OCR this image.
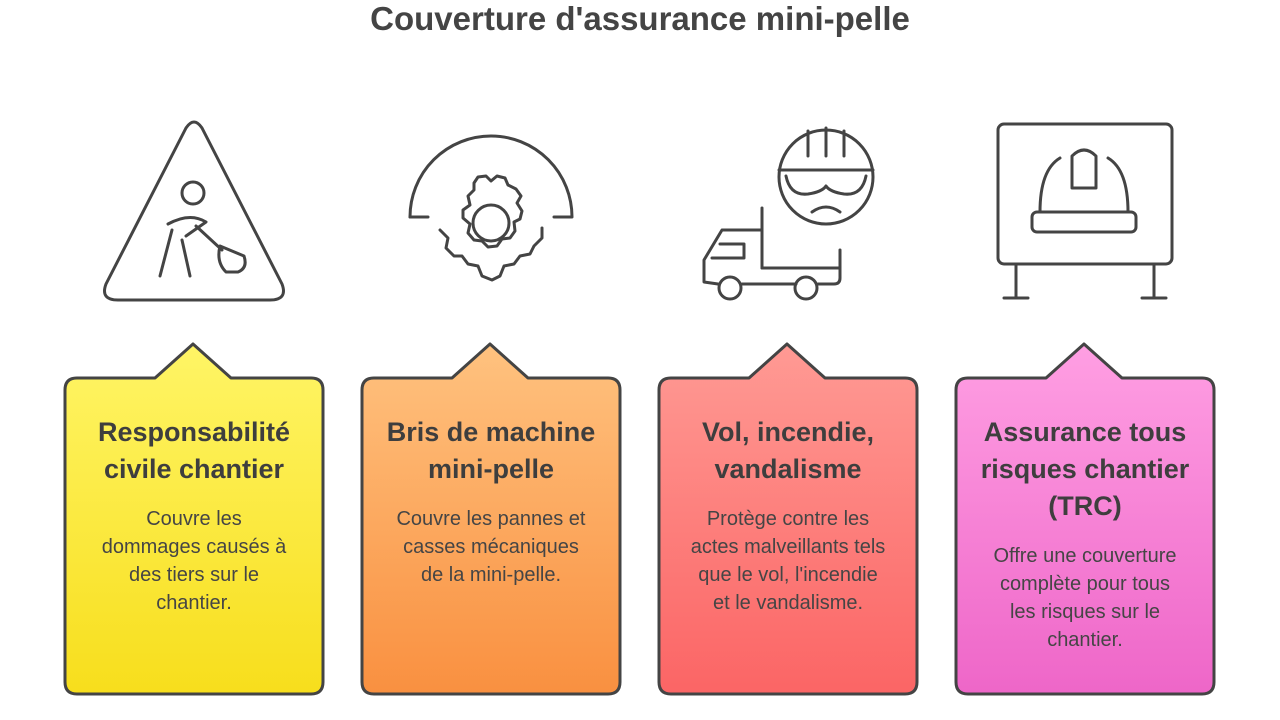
Couverture d'assurance mini-pelle
Responsabilité civile chantier
Couvre les dommages causés à des tiers sur le chantier.
Bris de machine mini-pelle
Couvre les pannes et casses mécaniques de la mini-pelle.
Vol, incendie, vandalisme
Protège contre les actes malveillants tels que le vol, l'incendie et le vandalisme.
Assurance tous risques chantier (TRC)
Offre une couverture complète pour tous les risques sur le chantier.
